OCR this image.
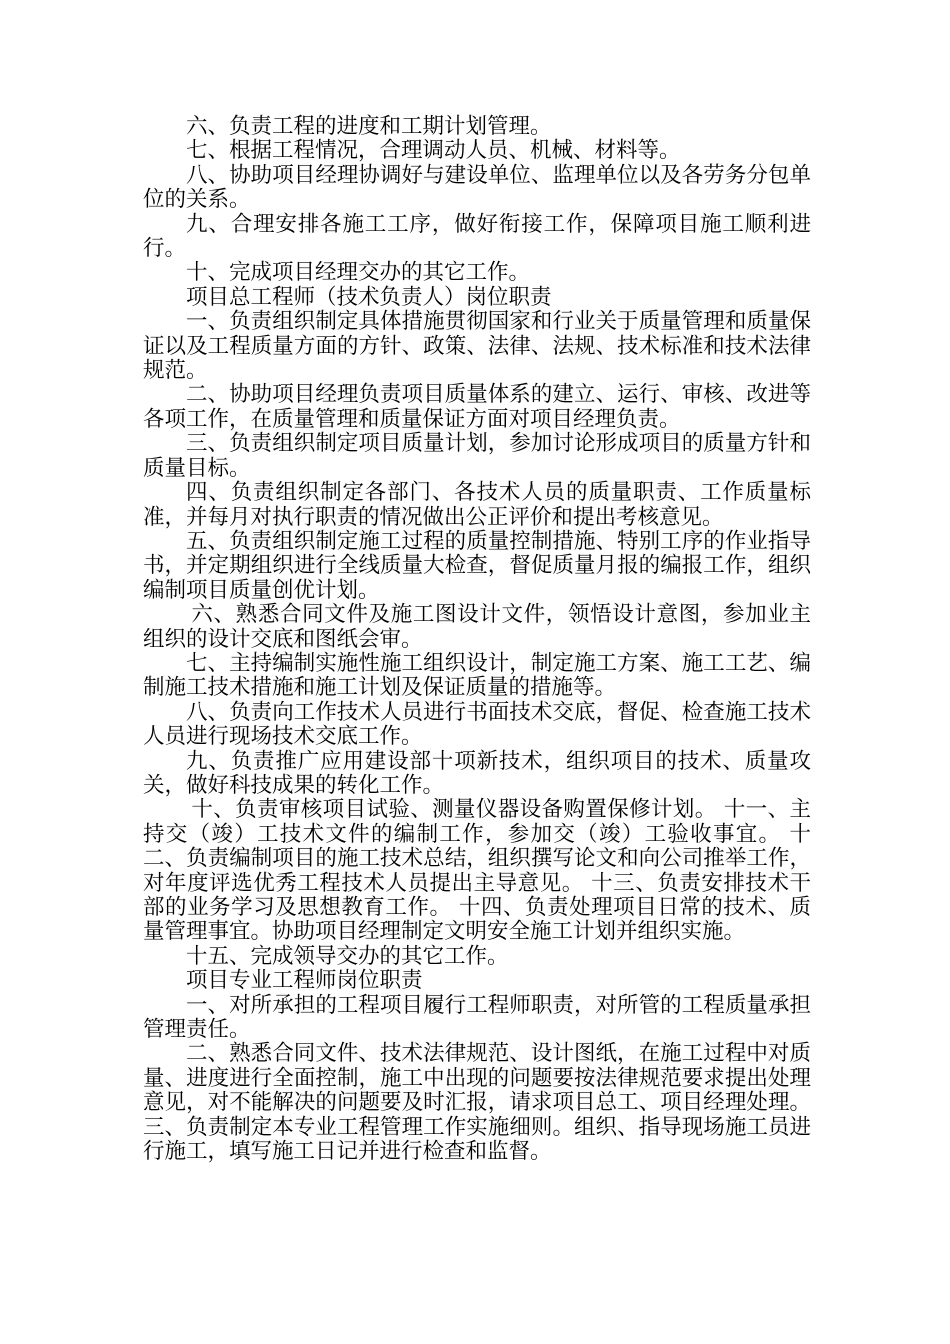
六、负责工程的进度和工期计划管理。

七、根据工程情况，合理调动人员、机械、材料等。

八、协助项目经理协调好与建设单位、监理单位以及各劳务分包单位的关系。

九、合理安排各施工工序，做好衔接工作，保障项目施工顺利进行。

十、完成项目经理交办的其它工作。

项目总工程师（技术负责人）岗位职责

一、负责组织制定具体措施贯彻国家和行业关于质量管理和质量保证以及工程质量方面的方针、政策、法律、法规、技术标准和技术法律规范。

二、协助项目经理负责项目质量体系的建立、运行、审核、改进等各项工作，在质量管理和质量保证方面对项目经理负责。

三、负责组织制定项目质量计划，参加讨论形成项目的质量方针和质量目标。

四、负责组织制定各部门、各技术人员的质量职责、工作质量标准，并每月对执行职责的情况做出公正评价和提出考核意见。

五、负责组织制定施工过程的质量控制措施、特别工序的作业指导书，并定期组织进行全线质量大检查，督促质量月报的编报工作，组织编制项目质量创优计划。

六、熟悉合同文件及施工图设计文件，领悟设计意图，参加业主组织的设计交底和图纸会审。

七、主持编制实施性施工组织设计，制定施工方案、施工工艺、编制施工技术措施和施工计划及保证质量的措施等。

八、负责向工作技术人员进行书面技术交底，督促、检查施工技术人员进行现场技术交底工作。

九、负责推广应用建设部十项新技术，组织项目的技术、质量攻关，做好科技成果的转化工作。

十、负责审核项目试验、测量仪器设备购置保修计划。 十一、主持交（竣）工技术文件的编制工作，参加交（竣）工验收事宜。 十二、负责编制项目的施工技术总结，组织撰写论文和向公司推举工作，对年度评选优秀工程技术人员提出主导意见。 十三、负责安排技术干部的业务学习及思想教育工作。 十四、负责处理项目日常的技术、质量管理事宜。协助项目经理制定文明安全施工计划并组织实施。

十五、完成领导交办的其它工作。

项目专业工程师岗位职责

一、对所承担的工程项目履行工程师职责，对所管的工程质量承担管理责任。

二、熟悉合同文件、技术法律规范、设计图纸，在施工过程中对质量、进度进行全面控制，施工中出现的问题要按法律规范要求提出处理意见，对不能解决的问题要及时汇报，请求项目总工、项目经理处理。 三、负责制定本专业工程管理工作实施细则。组织、指导现场施工员进行施工，填写施工日记并进行检查和监督。
